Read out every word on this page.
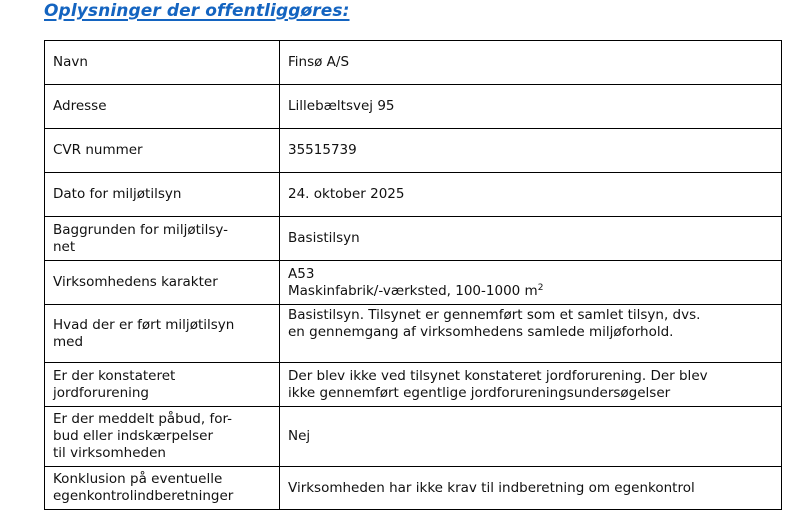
Oplysninger der offentliggøres:
Navn	Finsø A/S

Adresse	Lillebæltsvej 95

CVR nummer	35515739

Dato for miljøtilsyn	24. oktober 2025

Baggrunden for miljøtilsy-
net	Basistilsyn

Virksomhedens karakter	A53
Maskinfabrik/-værksted, 100-1000 $m^2$

Hvad der er ført miljøtilsyn
med	Basistilsyn. Tilsynet er gennemført som et samlet tilsyn, dvs.
en gennemgang af virksomhedens samlede miljøforhold.

Er der konstateret
jordforurening	Der blev ikke ved tilsynet konstateret jordforurening. Der blev
ikke gennemført egentlige jordforureningsundersøgelser

Er der meddelt påbud, for-
bud eller indskærpelser
til virksomheden	Nej

Konklusion på eventuelle
egenkontrolindberetninger	Virksomheden har ikke krav til indberetning om egenkontrol
